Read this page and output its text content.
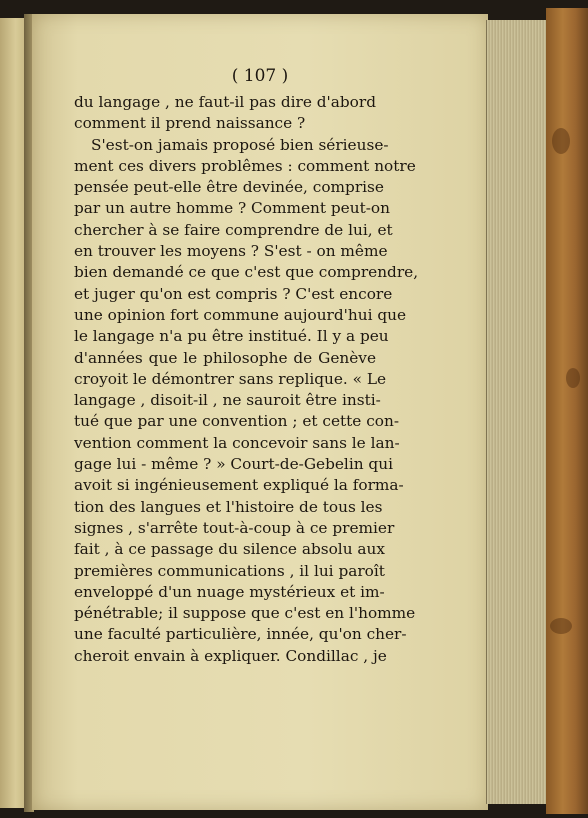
( 107 )
du langage , ne faut-il pas dire d'abord
comment il prend naissance ?
S'est-on jamais proposé bien sérieuse-
ment ces divers problêmes : comment notre
pensée peut-elle être devinée, comprise
par un autre homme ? Comment peut-on
chercher à se faire comprendre de lui, et
en trouver les moyens ? S'est - on même
bien demandé ce que c'est que comprendre,
et juger qu'on est compris ? C'est encore
une opinion fort commune aujourd'hui que
le langage n'a pu être institué. Il y a peu
d'années que le philosophe de Genève
croyoit le démontrer sans replique. « Le
langage , disoit-il , ne sauroit être insti-
tué que par une convention ; et cette con-
vention comment la concevoir sans le lan-
gage lui - même ? » Court-de-Gebelin qui
avoit si ingénieusement expliqué la forma-
tion des langues et l'histoire de tous les
signes , s'arrête tout-à-coup à ce premier
fait , à ce passage du silence absolu aux
premières communications , il lui paroît
enveloppé d'un nuage mystérieux et im-
pénétrable; il suppose que c'est en l'homme
une faculté particulière, innée, qu'on cher-
cheroit envain à expliquer. Condillac , je
